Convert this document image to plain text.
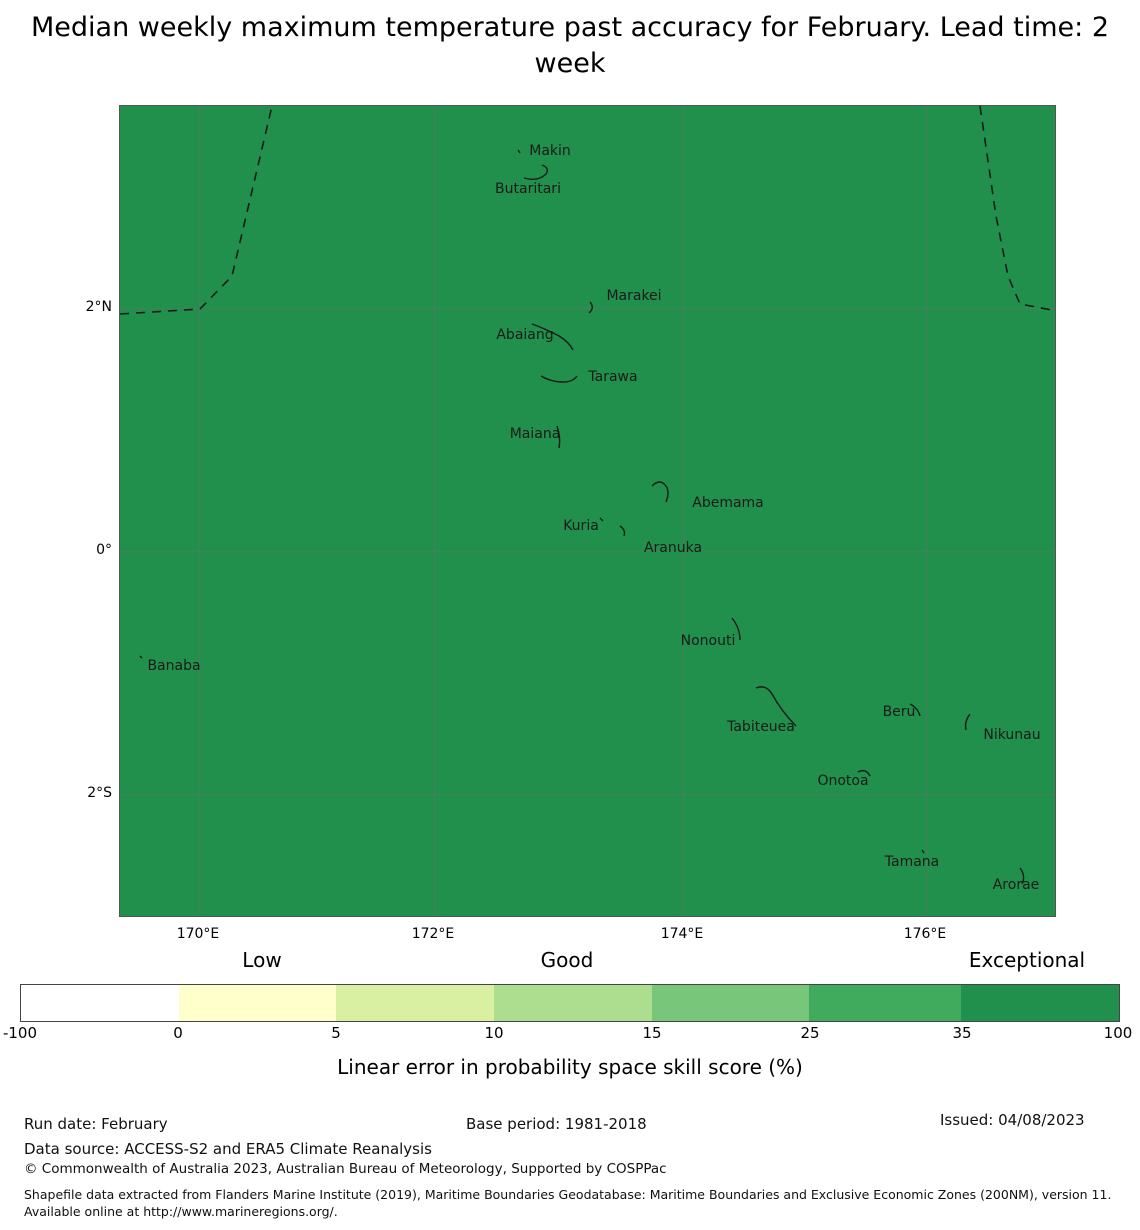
Median weekly maximum temperature past accuracy for February. Lead time: 2 week
Makin
Butaritari
Marakei
Abaiang
Tarawa
Maiana
Abemama
Kuria
Aranuka
Banaba
Nonouti
Tabiteuea
Beru
Nikunau
Onotoa
Tamana
Arorae
2°N
0°
2°S
170°E	172°E	174°E	176°E
Low	Good	Exceptional
-100	0	5	10	15	25	35	100
Linear error in probability space skill score (%)
Run date: February	Base period: 1981-2018	Issued: 04/08/2023
Data source: ACCESS-S2 and ERA5 Climate Reanalysis
© Commonwealth of Australia 2023, Australian Bureau of Meteorology, Supported by COSPPac
Shapefile data extracted from Flanders Marine Institute (2019), Maritime Boundaries Geodatabase: Maritime Boundaries and Exclusive Economic Zones (200NM), version 11. Available online at http://www.marineregions.org/.
